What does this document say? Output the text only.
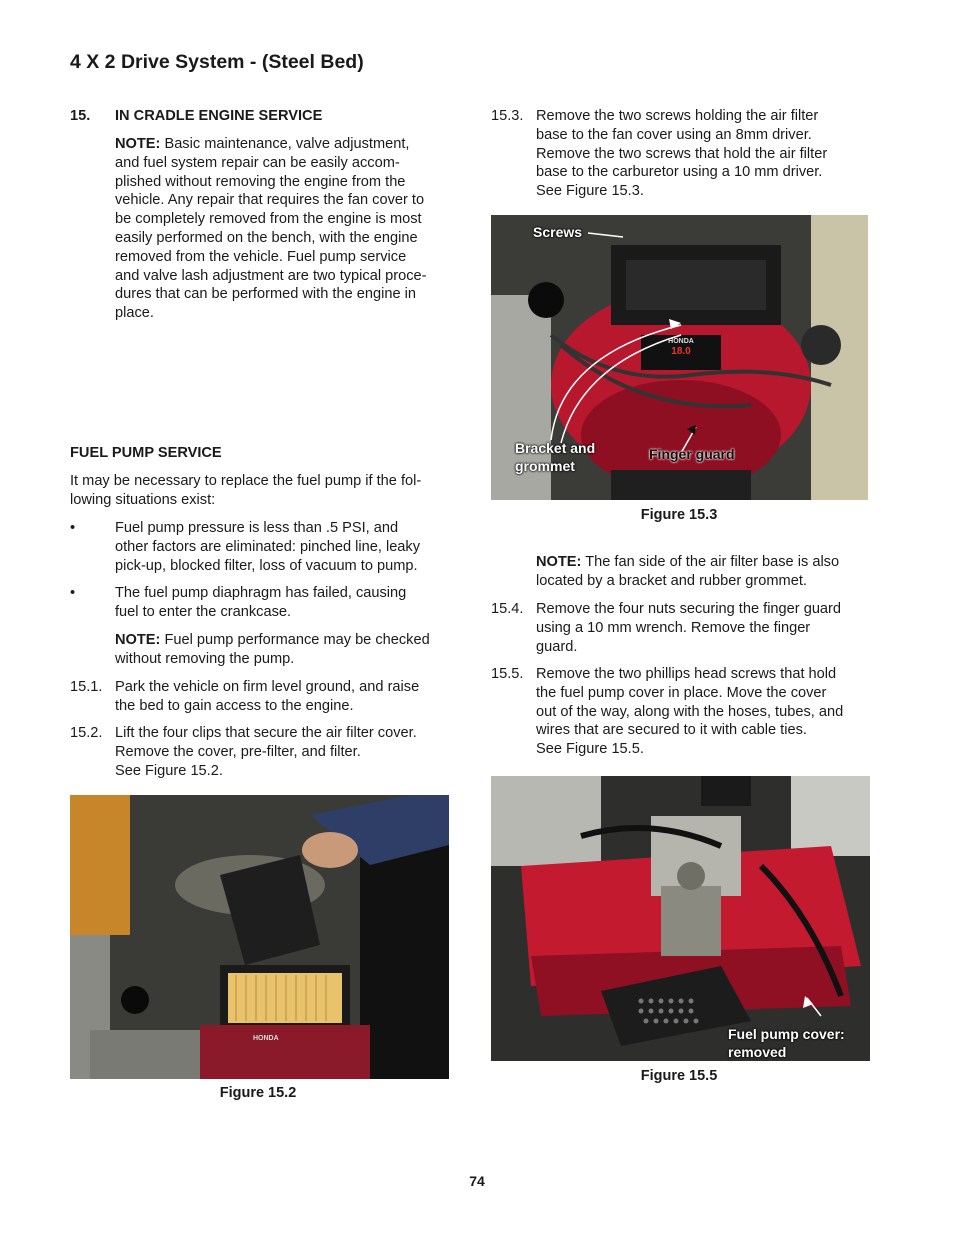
4 X 2 Drive System - (Steel Bed)
15. IN CRADLE ENGINE SERVICE
NOTE: Basic maintenance, valve adjustment,
and fuel system repair can be easily accom-
plished without removing the engine from the
vehicle. Any repair that requires the fan cover to
be completely removed from the engine is most
easily performed on the bench, with the engine
removed from the vehicle. Fuel pump service
and valve lash adjustment are two typical proce-
dures that can be performed with the engine in
place.
FUEL PUMP SERVICE
It may be necessary to replace the fuel pump if the fol-
lowing situations exist:
•	Fuel pump pressure is less than .5 PSI, and
other factors are eliminated: pinched line, leaky
pick-up, blocked filter, loss of vacuum to pump.
•	The fuel pump diaphragm has failed, causing
fuel to enter the crankcase.
NOTE: Fuel pump performance may be checked
without removing the pump.
15.1. Park the vehicle on firm level ground, and raise
the bed to gain access to the engine.
15.2. Lift the four clips that secure the air filter cover.
Remove the cover, pre-filter, and filter.
See Figure 15.2.
HONDA
Figure 15.2
15.3. Remove the two screws holding the air filter
base to the fan cover using an 8mm driver.
Remove the two screws that hold the air filter
base to the carburetor using a 10 mm driver.
See Figure 15.3.
HONDA
18.0
Screws
Bracket and
grommet
Finger guard
Figure 15.3
NOTE: The fan side of the air filter base is also
located by a bracket and rubber grommet.
15.4. Remove the four nuts securing the finger guard
using a 10 mm wrench. Remove the finger
guard.
15.5. Remove the two phillips head screws that hold
the fuel pump cover in place. Move the cover
out of the way, along with the hoses, tubes, and
wires that are secured to it with cable ties.
See Figure 15.5.
Fuel pump cover:
removed
Figure 15.5
74
